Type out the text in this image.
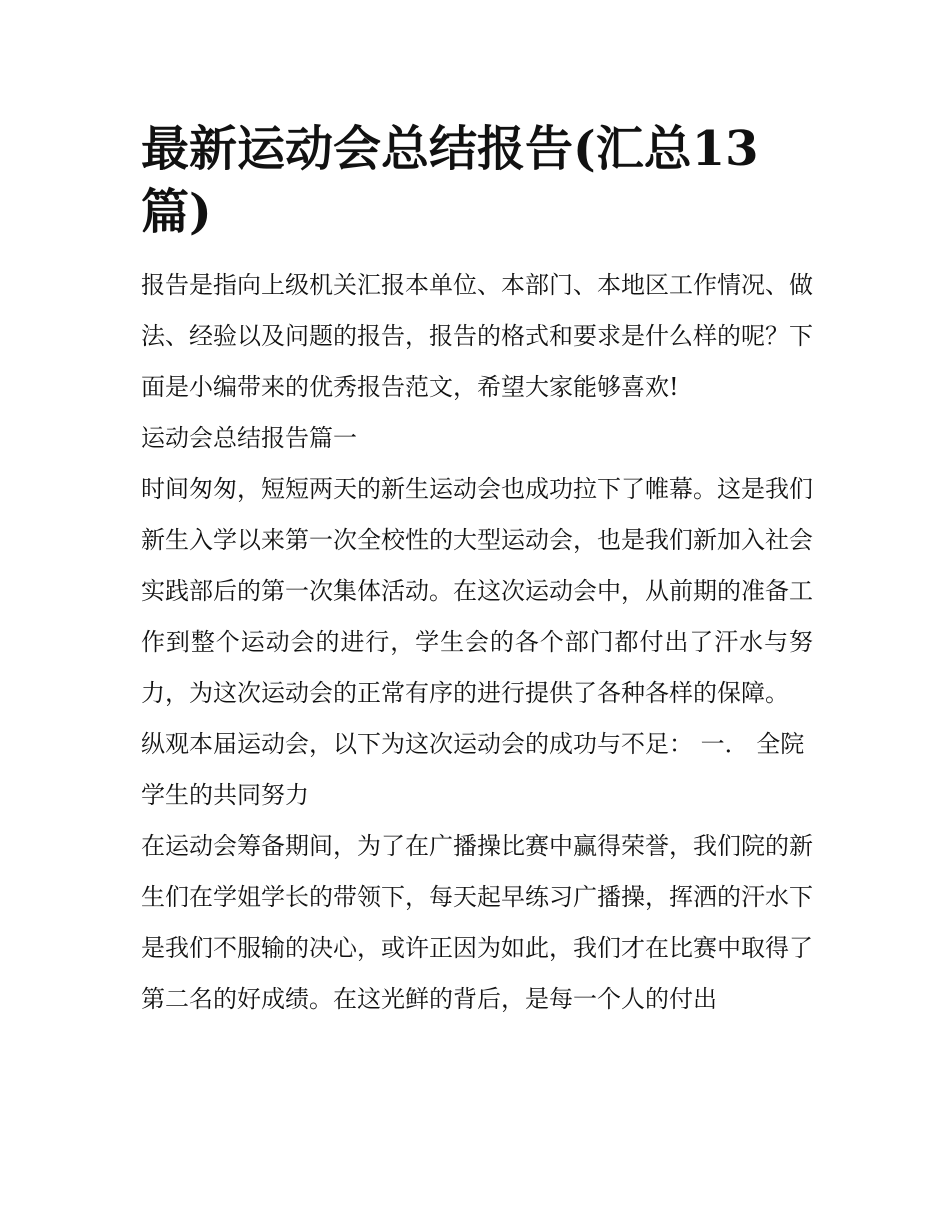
最新运动会总结报告(汇总13篇)

报告是指向上级机关汇报本单位、本部门、本地区工作情况、做法、经验以及问题的报告，报告的格式和要求是什么样的呢？下面是小编带来的优秀报告范文，希望大家能够喜欢!

运动会总结报告篇一

时间匆匆，短短两天的新生运动会也成功拉下了帷幕。这是我们新生入学以来第一次全校性的大型运动会，也是我们新加入社会实践部后的第一次集体活动。在这次运动会中，从前期的准备工作到整个运动会的进行，学生会的各个部门都付出了汗水与努力，为这次运动会的正常有序的进行提供了各种各样的保障。

纵观本届运动会，以下为这次运动会的成功与不足： 一． 全院学生的共同努力

在运动会筹备期间，为了在广播操比赛中赢得荣誉，我们院的新生们在学姐学长的带领下，每天起早练习广播操，挥洒的汗水下是我们不服输的决心，或许正因为如此，我们才在比赛中取得了第二名的好成绩。在这光鲜的背后，是每一个人的付出
